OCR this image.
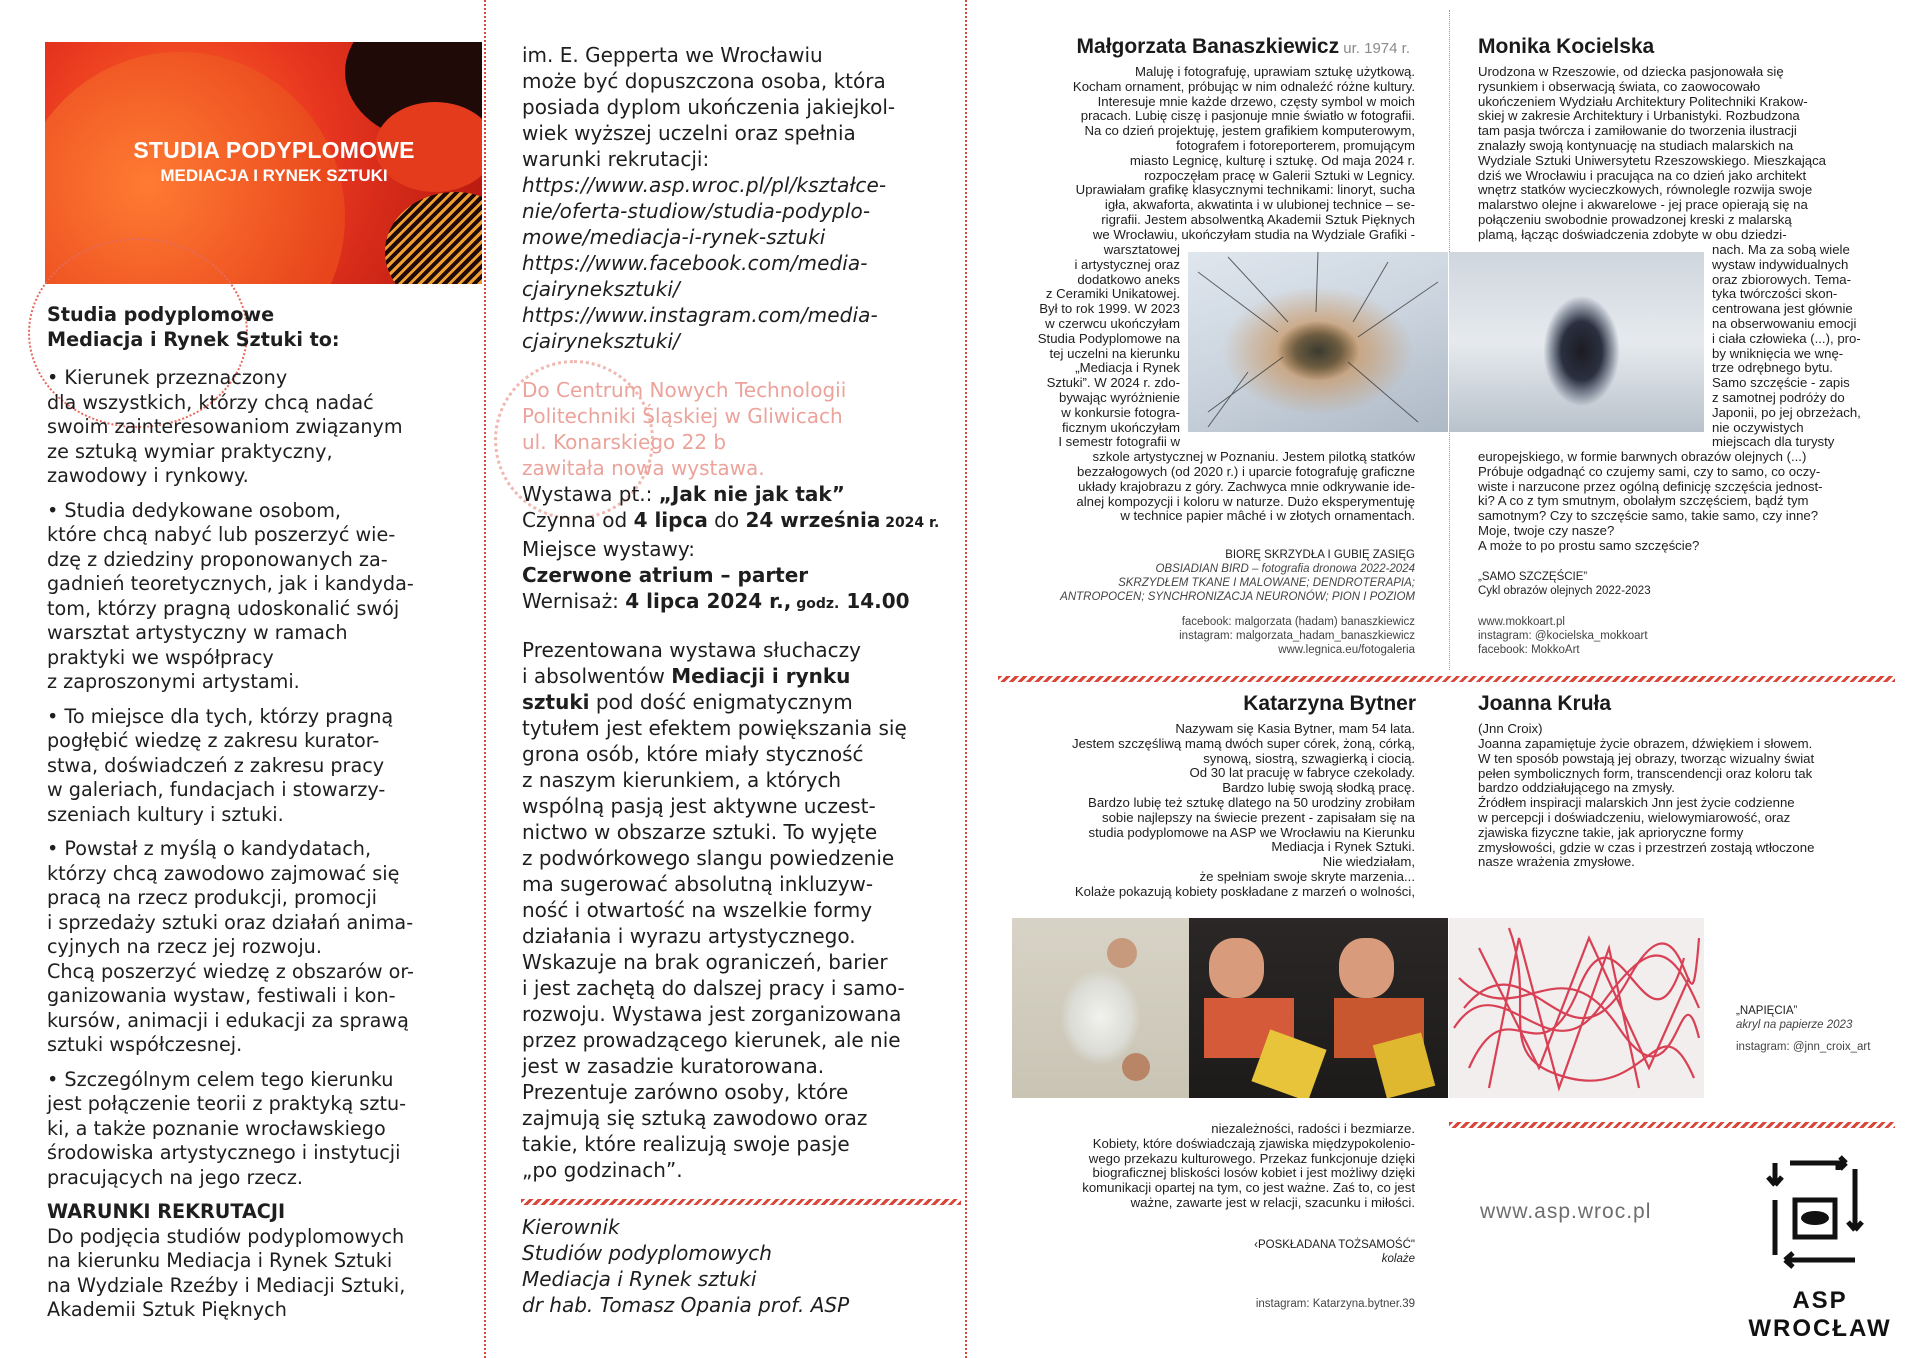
STUDIA PODYPLOMOWE
MEDIACJA I RYNEK SZTUKI
Studia podyplomowe
Mediacja i Rynek Sztuki to:

• Kierunek przeznaczony
dla wszystkich, którzy chcą nadać
swoim zainteresowaniom związanym
ze sztuką wymiar praktyczny,
zawodowy i rynkowy.

• Studia dedykowane osobom,
które chcą nabyć lub poszerzyć wie-
dzę z dziedziny proponowanych za-
gadnień teoretycznych, jak i kandyda-
tom, którzy pragną udoskonalić swój
warsztat artystyczny w ramach
praktyki we współpracy
z zaproszonymi artystami.

• To miejsce dla tych, którzy pragną
pogłębić wiedzę z zakresu kurator-
stwa, doświadczeń z zakresu pracy
w galeriach, fundacjach i stowarzy-
szeniach kultury i sztuki.

• Powstał z myślą o kandydatach,
którzy chcą zawodowo zajmować się
pracą na rzecz produkcji, promocji
i sprzedaży sztuki oraz działań anima-
cyjnych na rzecz jej rozwoju.
Chcą poszerzyć wiedzę z obszarów or-
ganizowania wystaw, festiwali i kon-
kursów, animacji i edukacji za sprawą
sztuki współczesnej.

• Szczególnym celem tego kierunku
jest połączenie teorii z praktyką sztu-
ki, a także poznanie wrocławskiego
środowiska artystycznego i instytucji
pracujących na jego rzecz.

WARUNKI REKRUTACJI
Do podjęcia studiów podyplomowych
na kierunku Mediacja i Rynek Sztuki
na Wydziale Rzeźby i Mediacji Sztuki,
Akademii Sztuk Pięknych
im. E. Gepperta we Wrocławiu
może być dopuszczona osoba, która
posiada dyplom ukończenia jakiejkol-
wiek wyższej uczelni oraz spełnia
warunki rekrutacji:
https://www.asp.wroc.pl/pl/kształce-
nie/oferta-studiow/studia-podyplo-
mowe/mediacja-i-rynek-sztuki
https://www.facebook.com/media-
cjairyneksztuki/
https://www.instagram.com/media-
cjairyneksztuki/
Do Centrum Nowych Technologii
Politechniki Śląskiej w Gliwicach
ul. Konarskiego 22 b
zawitała nowa wystawa.
Wystawa pt.: „Jak nie jak tak”
Czynna od 4 lipca do 24 września 2024 r.
Miejsce wystawy:
Czerwone atrium – parter
Wernisaż: 4 lipca 2024 r., godz. 14.00
Prezentowana wystawa słuchaczy
i absolwentów Mediacji i rynku
sztuki pod dość enigmatycznym
tytułem jest efektem powiększania się
grona osób, które miały styczność
z naszym kierunkiem, a których
wspólną pasją jest aktywne uczest-
nictwo w obszarze sztuki. To wyjęte
z podwórkowego slangu powiedzenie
ma sugerować absolutną inkluzyw-
ność i otwartość na wszelkie formy
działania i wyrazu artystycznego.
Wskazuje na brak ograniczeń, barier
i jest zachętą do dalszej pracy i samo-
rozwoju. Wystawa jest zorganizowana
przez prowadzącego kierunek, ale nie
jest w zasadzie kuratorowana.
Prezentuje zarówno osoby, które
zajmują się sztuką zawodowo oraz
takie, które realizują swoje pasje
„po godzinach”.
Kierownik
Studiów podyplomowych
Mediacja i Rynek sztuki
dr hab. Tomasz Opania prof. ASP
Małgorzata Banaszkiewicz ur. 1974 r.
Maluję i fotografuję, uprawiam sztukę użytkową.
Kocham ornament, próbując w nim odnaleźć różne kultury.
Interesuje mnie każde drzewo, częsty symbol w moich
pracach. Lubię ciszę i pasjonuje mnie światło w fotografii.
Na co dzień projektuję, jestem grafikiem komputerowym,
fotografem i fotoreporterem, promującym
miasto Legnicę, kulturę i sztukę. Od maja 2024 r.
rozpoczęłam pracę w Galerii Sztuki w Legnicy.
Uprawiałam grafikę klasycznymi technikami: linoryt, sucha
igła, akwaforta, akwatinta i w ulubionej technice – se-
rigrafii. Jestem absolwentką Akademii Sztuk Pięknych
we Wrocławiu, ukończyłam studia na Wydziale Grafiki -
warsztatowej
i artystycznej oraz
dodatkowo aneks
z Ceramiki Unikatowej.
Był to rok 1999. W 2023
w czerwcu ukończyłam
Studia Podyplomowe na
tej uczelni na kierunku
„Mediacja i Rynek
Sztuki”. W 2024 r. zdo-
bywając wyróżnienie
w konkursie fotogra-
ficznym ukończyłam
I semestr fotografii w
szkole artystycznej w Poznaniu. Jestem pilotką statków
bezzałogowych (od 2020 r.) i uparcie fotografuję graficzne
układy krajobrazu z góry. Zachwyca mnie odkrywanie ide-
alnej kompozycji i koloru w naturze. Dużo eksperymentuję
w technice papier mâché i w złotych ornamentach.
BIORĘ SKRZYDŁA I GUBIĘ ZASIĘG
OBSIADIAN BIRD – fotografia dronowa 2022-2024
SKRZYDŁEM TKANE I MALOWANE; DENDROTERAPIA;
ANTROPOCEN; SYNCHRONIZACJA NEURONÓW; PION I POZIOM
facebook: malgorzata (hadam) banaszkiewicz
instagram: malgorzata_hadam_banaszkiewicz
www.legnica.eu/fotogaleria
Monika Kocielska
Urodzona w Rzeszowie, od dziecka pasjonowała się
rysunkiem i obserwacją świata, co zaowocowało
ukończeniem Wydziału Architektury Politechniki Krakow-
skiej w zakresie Architektury i Urbanistyki. Rozbudzona
tam pasja twórcza i zamiłowanie do tworzenia ilustracji
znalazły swoją kontynuację na studiach malarskich na
Wydziale Sztuki Uniwersytetu Rzeszowskiego. Mieszkająca
dziś we Wrocławiu i pracująca na co dzień jako architekt
wnętrz statków wycieczkowych, równolegle rozwija swoje
malarstwo olejne i akwarelowe - jej prace opierają się na
połączeniu swobodnie prowadzonej kreski z malarską
plamą, łącząc doświadczenia zdobyte w obu dziedzi-
nach. Ma za sobą wiele
wystaw indywidualnych
oraz zbiorowych. Tema-
tyka twórczości skon-
centrowana jest głównie
na obserwowaniu emocji
i ciała człowieka (...), pro-
by wniknięcia we wnę-
trze odrębnego bytu.
Samo szczęście - zapis
z samotnej podróży do
Japonii, po jej obrzeżach,
nie oczywistych
miejscach dla turysty
europejskiego, w formie barwnych obrazów olejnych (...)
Próbuje odgadnąć co czujemy sami, czy to samo, co oczy-
wiste i narzucone przez ogólną definicję szczęścia jednost-
ki? A co z tym smutnym, obolałym szczęściem, bądź tym
samotnym? Czy to szczęście samo, takie samo, czy inne?
Moje, twoje czy nasze?
A może to po prostu samo szczęście?
„SAMO SZCZĘŚCIE”
Cykl obrazów olejnych 2022-2023
www.mokkoart.pl
instagram: @kocielska_mokkoart
facebook: MokkoArt
Katarzyna Bytner
Nazywam się Kasia Bytner, mam 54 lata.
Jestem szczęśliwą mamą dwóch super córek, żoną, córką,
synową, siostrą, szwagierką i ciocią.
Od 30 lat pracuję w fabryce czekolady.
Bardzo lubię swoją słodką pracę.
Bardzo lubię też sztukę dlatego na 50 urodziny zrobiłam
sobie najlepszy na świecie prezent - zapisałam się na
studia podyplomowe na ASP we Wrocławiu na Kierunku
Mediacja i Rynek Sztuki.
Nie wiedziałam,
że spełniam swoje skryte marzenia...
Kolaże pokazują kobiety poskładane z marzeń o wolności,
niezależności, radości i bezmiarze.
Kobiety, które doświadczają zjawiska międzypokoleniо-
wego przekazu kulturowego. Przekaz funkcjonuje dzięki
biograficznej bliskości losów kobiet i jest możliwy dzięki
komunikacji opartej na tym, co jest ważne. Zaś to, co jest
ważne, zawarte jest w relacji, szacunku i miłości.
‹POSKŁADANA TOŻSAMOŚĆ"
kolaże
instagram: Katarzyna.bytner.39
Joanna Kruła
(Jnn Croix)
Joanna zapamiętuje życie obrazem, dźwiękiem i słowem.
W ten sposób powstają jej obrazy, tworząc wizualny świat
pełen symbolicznych form, transcendencji oraz koloru tak
bardzo oddziałującego na zmysły.
Źródłem inspiracji malarskich Jnn jest życie codzienne
w percepcji i doświadczeniu, wielowymiarowość, oraz
zjawiska fizyczne takie, jak aprioryczne formy
zmysłowości, gdzie w czas i przestrzeń zostają wtłoczone
nasze wrażenia zmysłowe.
„NAPIĘCIA”
akryl na papierze 2023
instagram: @jnn_croix_art
www.asp.wroc.pl
ASP WROCŁAW
